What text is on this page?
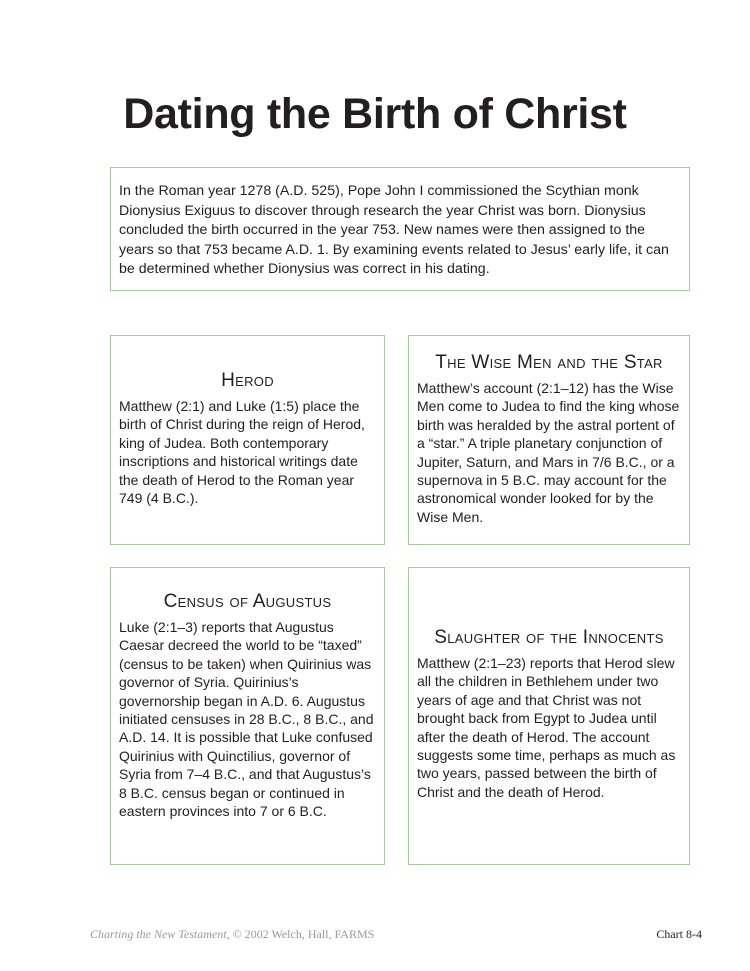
Dating the Birth of Christ

In the Roman year 1278 (A.D. 525), Pope John I commissioned the Scythian monk Dionysius Exiguus to discover through research the year Christ was born. Dionysius concluded the birth occurred in the year 753. New names were then assigned to the years so that 753 became A.D. 1. By examining events related to Jesus’ early life, it can be determined whether Dionysius was correct in his dating.

Herod

Matthew (2:1) and Luke (1:5) place the birth of Christ during the reign of Herod, king of Judea. Both contemporary inscriptions and historical writings date the death of Herod to the Roman year 749 (4 B.C.).

The Wise Men and the Star

Matthew’s account (2:1–12) has the Wise Men come to Judea to find the king whose birth was heralded by the astral portent of a “star.” A triple planetary conjunction of Jupiter, Saturn, and Mars in 7/6 B.C., or a supernova in 5 B.C. may account for the astronomical wonder looked for by the Wise Men.

Census of Augustus

Luke (2:1–3) reports that Augustus Caesar decreed the world to be “taxed” (census to be taken) when Quirinius was governor of Syria. Quirinius’s governorship began in A.D. 6. Augustus initiated censuses in 28 B.C., 8 B.C., and A.D. 14. It is possible that Luke confused Quirinius with Quinctilius, governor of Syria from 7–4 B.C., and that Augustus’s 8 B.C. census began or continued in eastern provinces into 7 or 6 B.C.

Slaughter of the Innocents

Matthew (2:1–23) reports that Herod slew all the children in Bethlehem under two years of age and that Christ was not brought back from Egypt to Judea until after the death of Herod. The account suggests some time, perhaps as much as two years, passed between the birth of Christ and the death of Herod.

Charting the New Testament, © 2002 Welch, Hall, FARMS	Chart 8-4
